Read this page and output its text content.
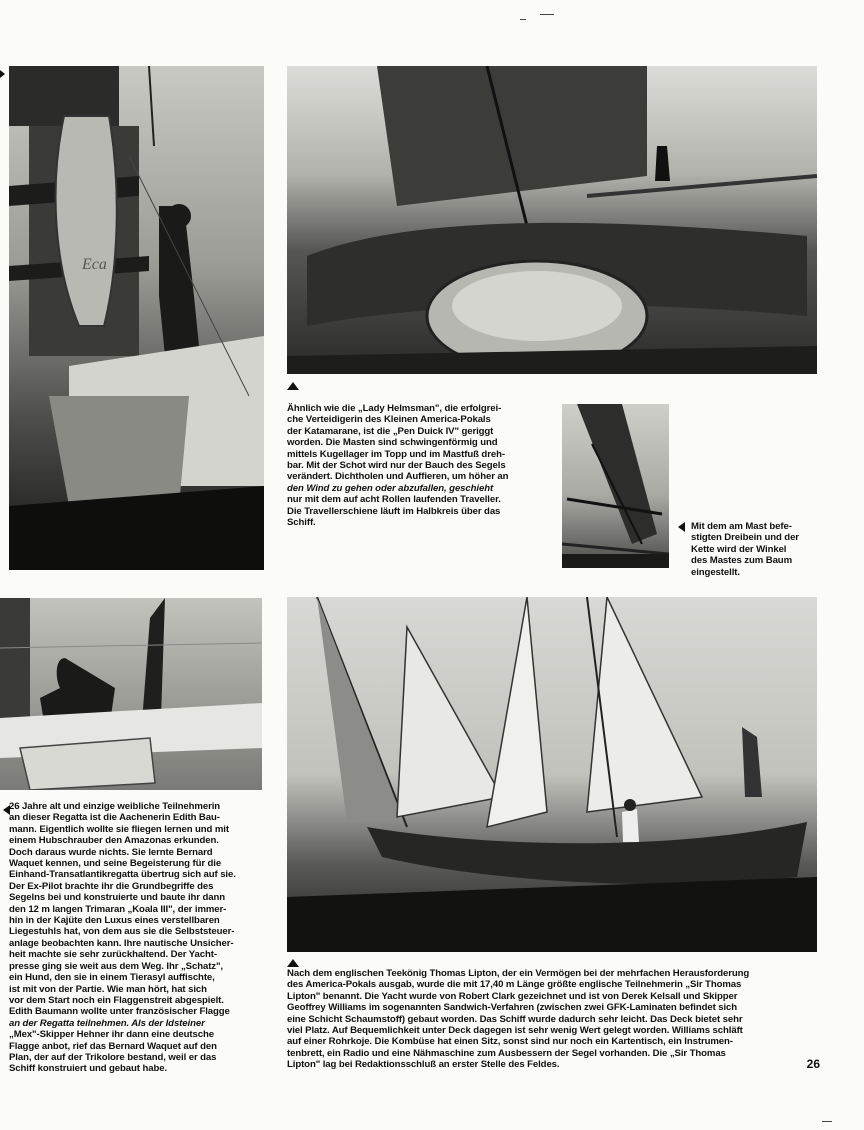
Eca
Ähnlich wie die „Lady Helmsman", die erfolgrei-
che Verteidigerin des Kleinen America-Pokals
der Katamarane, ist die „Pen Duick IV" geriggt
worden. Die Masten sind schwingenförmig und
mittels Kugellager im Topp und im Mastfuß dreh-
bar. Mit der Schot wird nur der Bauch des Segels
verändert. Dichtholen und Auffieren, um höher an
den Wind zu gehen oder abzufallen, geschieht
nur mit dem auf acht Rollen laufenden Traveller.
Die Travellerschiene läuft im Halbkreis über das
Schiff.	Mit dem am Mast befe-
stigten Dreibein und der
Kette wird der Winkel
des Mastes zum Baum
eingestellt.
26 Jahre alt und einzige weibliche Teilnehmerin
an dieser Regatta ist die Aachenerin Edith Bau-
mann. Eigentlich wollte sie fliegen lernen und mit
einem Hubschrauber den Amazonas erkunden.
Doch daraus wurde nichts. Sie lernte Bernard
Waquet kennen, und seine Begeisterung für die
Einhand-Transatlantikregatta übertrug sich auf sie.
Der Ex-Pilot brachte ihr die Grundbegriffe des
Segelns bei und konstruierte und baute ihr dann
den 12 m langen Trimaran „Koala III", der immer-
hin in der Kajüte den Luxus eines verstellbaren
Liegestuhls hat, von dem aus sie die Selbststeuer-
anlage beobachten kann. Ihre nautische Unsicher-
heit machte sie sehr zurückhaltend. Der Yacht-
presse ging sie weit aus dem Weg. Ihr „Schatz",
ein Hund, den sie in einem Tierasyl auffischte,
ist mit von der Partie. Wie man hört, hat sich
vor dem Start noch ein Flaggenstreit abgespielt.
Edith Baumann wollte unter französischer Flagge
an der Regatta teilnehmen. Als der Idsteiner
„Mex"-Skipper Hehner ihr dann eine deutsche
Flagge anbot, rief das Bernard Waquet auf den
Plan, der auf der Trikolore bestand, weil er das
Schiff konstruiert und gebaut habe.
Nach dem englischen Teekönig Thomas Lipton, der ein Vermögen bei der mehrfachen Herausforderung
des America-Pokals ausgab, wurde die mit 17,40 m Länge größte englische Teilnehmerin „Sir Thomas
Lipton" benannt. Die Yacht wurde von Robert Clark gezeichnet und ist von Derek Kelsall und Skipper
Geoffrey Williams im sogenannten Sandwich-Verfahren (zwischen zwei GFK-Laminaten befindet sich
eine Schicht Schaumstoff) gebaut worden. Das Schiff wurde dadurch sehr leicht. Das Deck bietet sehr
viel Platz. Auf Bequemlichkeit unter Deck dagegen ist sehr wenig Wert gelegt worden. Williams schläft
auf einer Rohrkoje. Die Kombüse hat einen Sitz, sonst sind nur noch ein Kartentisch, ein Instrumen-
tenbrett, ein Radio und eine Nähmaschine zum Ausbessern der Segel vorhanden. Die „Sir Thomas
Lipton" lag bei Redaktionsschluß an erster Stelle des Feldes.	26
